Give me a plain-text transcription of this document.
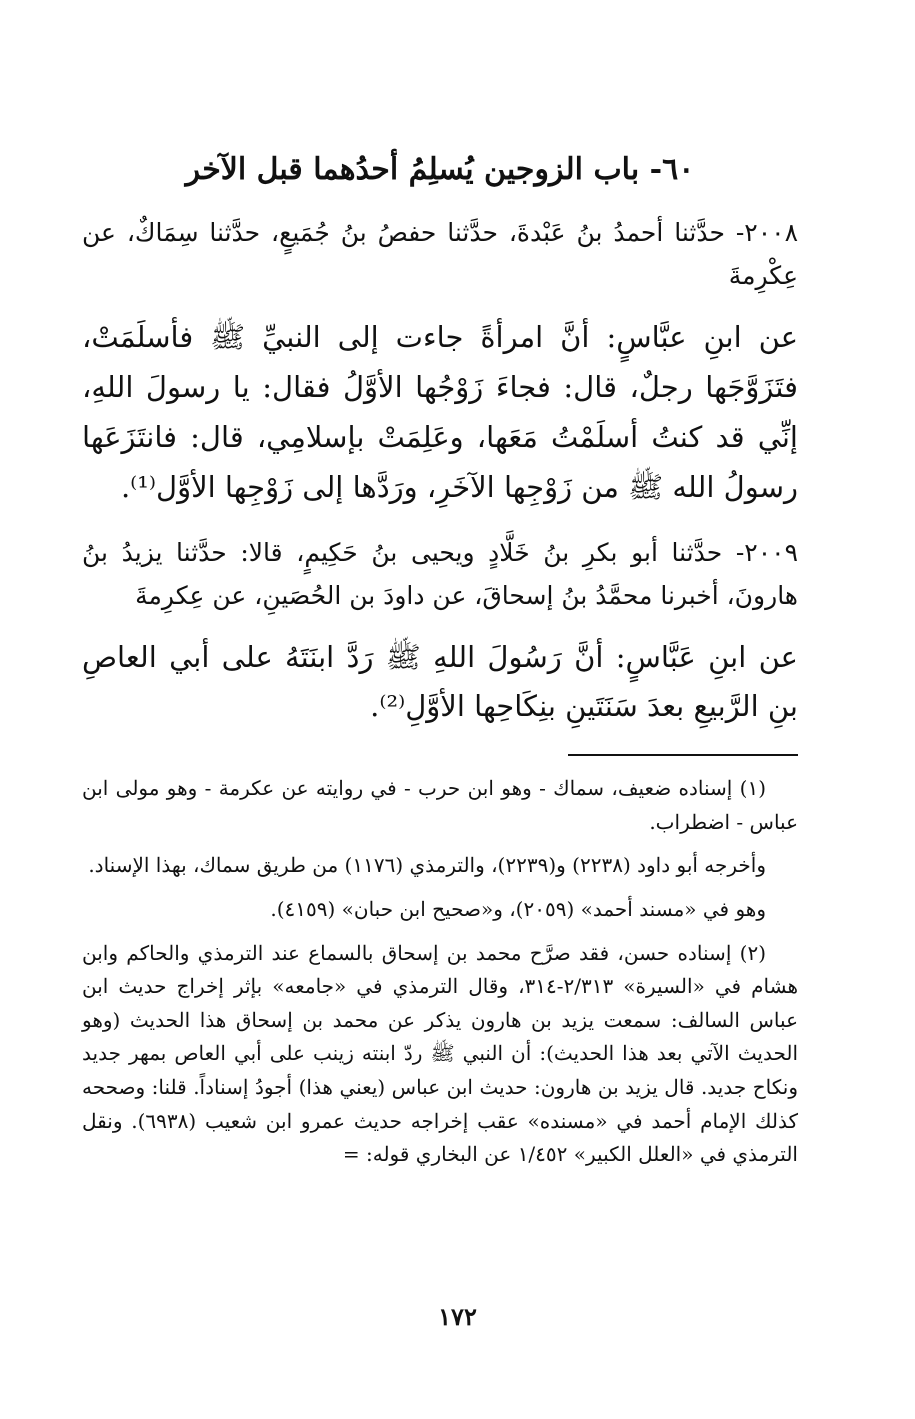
٦٠- باب الزوجين يُسلِمُ أحدُهما قبل الآخر

٢٠٠٨- حدَّثنا أحمدُ بنُ عَبْدةَ، حدَّثنا حفصُ بنُ جُمَيعٍ، حدَّثنا سِمَاكٌ، عن عِكْرِمةَ

عن ابنِ عبَّاسٍ: أنَّ امرأةً جاءت إلى النبيِّ ﷺ فأسلَمَتْ، فتَزَوَّجَها رجلٌ، قال: فجاءَ زَوْجُها الأوَّلُ فقال: يا رسولَ اللهِ، إنِّي قد كنتُ أسلَمْتُ مَعَها، وعَلِمَتْ بإسلامِي، قال: فانتَزَعَها رسولُ الله ﷺ من زَوْجِها الآخَرِ، ورَدَّها إلى زَوْجِها الأوَّل⁽¹⁾.

٢٠٠٩- حدَّثنا أبو بكرِ بنُ خَلَّادٍ ويحيى بنُ حَكِيمٍ، قالا: حدَّثنا يزيدُ بنُ هارونَ، أخبرنا محمَّدُ بنُ إسحاقَ، عن داودَ بن الحُصَينِ، عن عِكرِمةَ

عن ابنِ عَبَّاسٍ: أنَّ رَسُولَ اللهِ ﷺ رَدَّ ابنَتَهُ على أبي العاصِ بنِ الرَّبيعِ بعدَ سَنَتَينِ بنِكَاحِها الأوَّلِ⁽²⁾.

(١) إسناده ضعيف، سماك - وهو ابن حرب - في روايته عن عكرمة - وهو مولى ابن عباس - اضطراب.

وأخرجه أبو داود (٢٢٣٨) و(٢٢٣٩)، والترمذي (١١٧٦) من طريق سماك، بهذا الإسناد.

وهو في «مسند أحمد» (٢٠٥٩)، و«صحيح ابن حبان» (٤١٥٩).

(٢) إسناده حسن، فقد صرَّح محمد بن إسحاق بالسماع عند الترمذي والحاكم وابن هشام في «السيرة» ٢/٣١٣-٣١٤، وقال الترمذي في «جامعه» بإثر إخراج حديث ابن عباس السالف: سمعت يزيد بن هارون يذكر عن محمد بن إسحاق هذا الحديث (وهو الحديث الآتي بعد هذا الحديث): أن النبي ﷺ ردّ ابنته زينب على أبي العاص بمهر جديد ونكاح جديد. قال يزيد بن هارون: حديث ابن عباس (يعني هذا) أجودُ إسناداً. قلنا: وصححه كذلك الإمام أحمد في «مسنده» عقب إخراجه حديث عمرو ابن شعيب (٦٩٣٨). ونقل الترمذي في «العلل الكبير» ١/٤٥٢ عن البخاري قوله: =

١٧٢
